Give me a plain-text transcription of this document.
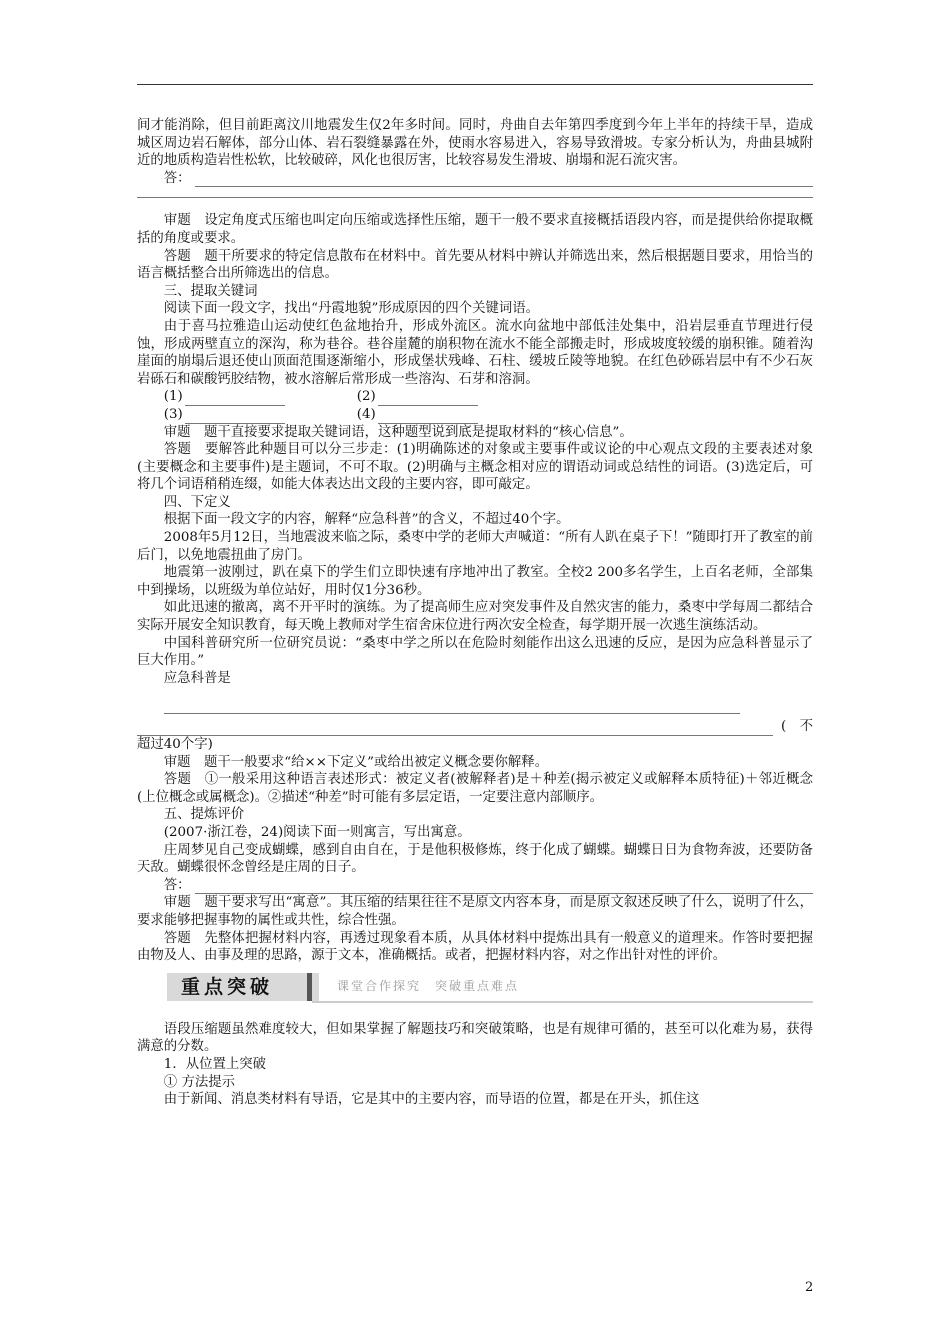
间才能消除，但目前距离汶川地震发生仅2年多时间。同时，舟曲自去年第四季度到今年上半年的持续干旱，造成城区周边岩石解体，部分山体、岩石裂缝暴露在外，使雨水容易进入，容易导致滑坡。专家分析认为，舟曲县城附近的地质构造岩性松软，比较破碎，风化也很厉害，比较容易发生滑坡、崩塌和泥石流灾害。

答：

审题　设定角度式压缩也叫定向压缩或选择性压缩，题干一般不要求直接概括语段内容，而是提供给你提取概括的角度或要求。

答题　题干所要求的特定信息散布在材料中。首先要从材料中辨认并筛选出来，然后根据题目要求，用恰当的语言概括整合出所筛选出的信息。

三、提取关键词

阅读下面一段文字，找出“丹霞地貌”形成原因的四个关键词语。

由于喜马拉雅造山运动使红色盆地抬升，形成外流区。流水向盆地中部低洼处集中，沿岩层垂直节理进行侵蚀，形成两壁直立的深沟，称为巷谷。巷谷崖麓的崩积物在流水不能全部搬走时，形成坡度较缓的崩积锥。随着沟崖面的崩塌后退还使山顶面范围逐渐缩小，形成堡状残峰、石柱、缓坡丘陵等地貌。在红色砂砾岩层中有不少石灰岩砾石和碳酸钙胶结物，被水溶解后常形成一些溶沟、石芽和溶洞。

(1)	(2)
(3)	(4)

审题　题干直接要求提取关键词语，这种题型说到底是提取材料的“核心信息”。

答题　要解答此种题目可以分三步走：(1)明确陈述的对象或主要事件或议论的中心观点文段的主要表述对象(主要概念和主要事件)是主题词，不可不取。(2)明确与主概念相对应的谓语动词或总结性的词语。(3)选定后，可将几个词语稍稍连缀，如能大体表达出文段的主要内容，即可敲定。

四、下定义

根据下面一段文字的内容，解释“应急科普”的含义，不超过40个字。

2008年5月12日，当地震波来临之际，桑枣中学的老师大声喊道：“所有人趴在桌子下！”随即打开了教室的前后门，以免地震扭曲了房门。

地震第一波刚过，趴在桌下的学生们立即快速有序地冲出了教室。全校2 200多名学生，上百名老师，全部集中到操场，以班级为单位站好，用时仅1分36秒。

如此迅速的撤离，离不开平时的演练。为了提高师生应对突发事件及自然灾害的能力，桑枣中学每周二都结合实际开展安全知识教育，每天晚上教师对学生宿舍床位进行两次安全检查，每学期开展一次逃生演练活动。

中国科普研究所一位研究员说：“桑枣中学之所以在危险时刻能作出这么迅速的反应，是因为应急科普显示了巨大作用。”

应急科普是

(　不

超过40个字)

审题　题干一般要求“给××下定义”或给出被定义概念要你解释。

答题　①一般采用这种语言表述形式：被定义者(被解释者)是＋种差(揭示被定义或解释本质特征)＋邻近概念(上位概念或属概念)。②描述“种差”时可能有多层定语，一定要注意内部顺序。

五、提炼评价

(2007·浙江卷，24)阅读下面一则寓言，写出寓意。

庄周梦见自己变成蝴蝶，感到自由自在，于是他积极修炼，终于化成了蝴蝶。蝴蝶日日为食物奔波，还要防备天敌。蝴蝶很怀念曾经是庄周的日子。

答：

审题　题干要求写出“寓意”。其压缩的结果往往不是原文内容本身，而是原文叙述反映了什么，说明了什么，要求能够把握事物的属性或共性，综合性强。

答题　先整体把握材料内容，再透过现象看本质，从具体材料中提炼出具有一般意义的道理来。作答时要把握由物及人、由事及理的思路，源于文本，准确概括。或者，把握材料内容，对之作出针对性的评价。

重点突破	课堂合作探究　突破重点难点

语段压缩题虽然难度较大，但如果掌握了解题技巧和突破策略，也是有规律可循的，甚至可以化难为易，获得满意的分数。

1．从位置上突破

① 方法提示

由于新闻、消息类材料有导语，它是其中的主要内容，而导语的位置，都是在开头，抓住这

2
